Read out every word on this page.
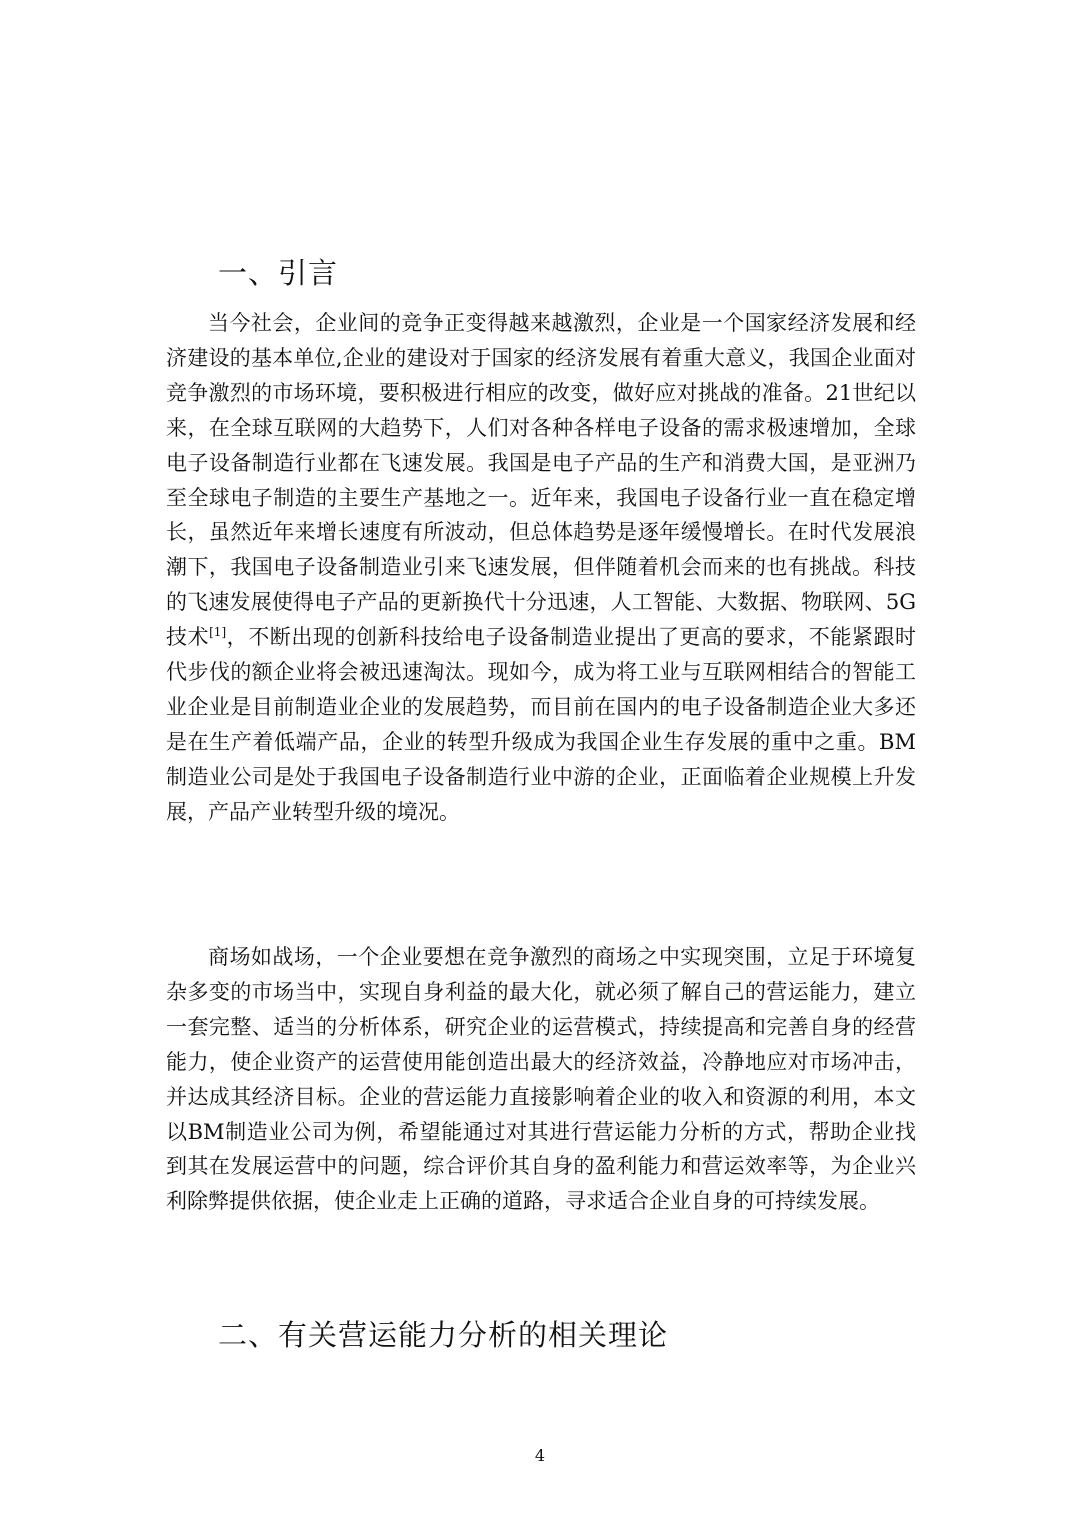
一、引言

当今社会，企业间的竞争正变得越来越激烈，企业是一个国家经济发展和经济建设的基本单位,企业的建设对于国家的经济发展有着重大意义，我国企业面对竞争激烈的市场环境，要积极进行相应的改变，做好应对挑战的准备。21世纪以来，在全球互联网的大趋势下，人们对各种各样电子设备的需求极速增加，全球电子设备制造行业都在飞速发展。我国是电子产品的生产和消费大国，是亚洲乃至全球电子制造的主要生产基地之一。近年来，我国电子设备行业一直在稳定增长，虽然近年来增长速度有所波动，但总体趋势是逐年缓慢增长。在时代发展浪潮下，我国电子设备制造业引来飞速发展，但伴随着机会而来的也有挑战。科技的飞速发展使得电子产品的更新换代十分迅速，人工智能、大数据、物联网、5G技术[1]，不断出现的创新科技给电子设备制造业提出了更高的要求，不能紧跟时代步伐的额企业将会被迅速淘汰。现如今，成为将工业与互联网相结合的智能工业企业是目前制造业企业的发展趋势，而目前在国内的电子设备制造企业大多还是在生产着低端产品，企业的转型升级成为我国企业生存发展的重中之重。BM制造业公司是处于我国电子设备制造行业中游的企业，正面临着企业规模上升发展，产品产业转型升级的境况。

商场如战场，一个企业要想在竞争激烈的商场之中实现突围，立足于环境复杂多变的市场当中，实现自身利益的最大化，就必须了解自己的营运能力，建立一套完整、适当的分析体系，研究企业的运营模式，持续提高和完善自身的经营能力，使企业资产的运营使用能创造出最大的经济效益，冷静地应对市场冲击，并达成其经济目标。企业的营运能力直接影响着企业的收入和资源的利用，本文以BM制造业公司为例，希望能通过对其进行营运能力分析的方式，帮助企业找到其在发展运营中的问题，综合评价其自身的盈利能力和营运效率等，为企业兴利除弊提供依据，使企业走上正确的道路，寻求适合企业自身的可持续发展。

二、有关营运能力分析的相关理论
4
